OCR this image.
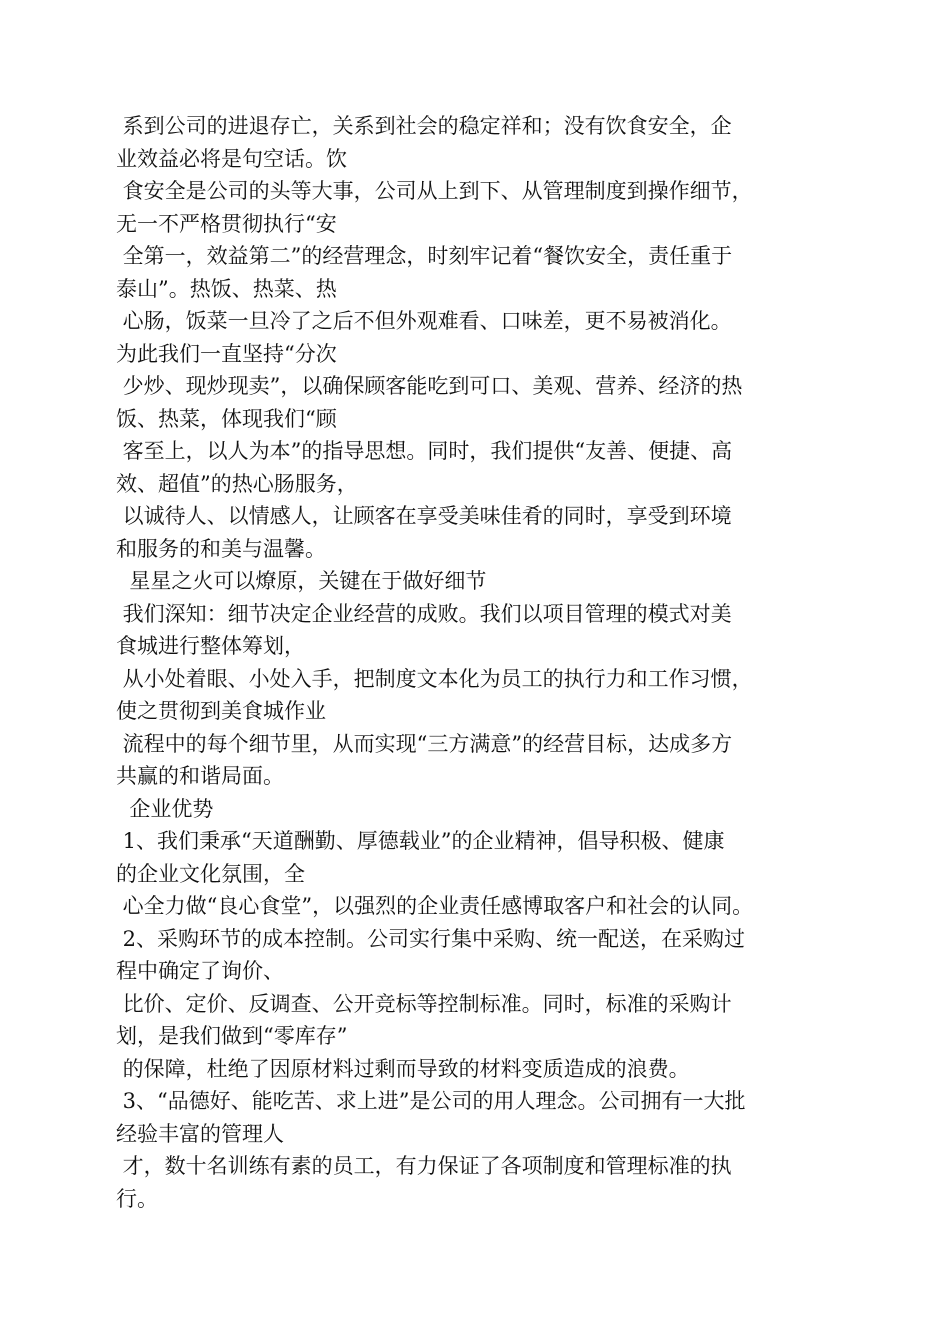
系到公司的进退存亡，关系到社会的稳定祥和；没有饮食安全，企
业效益必将是句空话。饮
食安全是公司的头等大事，公司从上到下、从管理制度到操作细节，
无一不严格贯彻执行“安
全第一，效益第二”的经营理念，时刻牢记着“餐饮安全，责任重于
泰山”。热饭、热菜、热
心肠，饭菜一旦冷了之后不但外观难看、口味差，更不易被消化。
为此我们一直坚持“分次
少炒、现炒现卖”，以确保顾客能吃到可口、美观、营养、经济的热
饭、热菜，体现我们“顾
客至上，以人为本”的指导思想。同时，我们提供“友善、便捷、高
效、超值”的热心肠服务，
以诚待人、以情感人，让顾客在享受美味佳肴的同时，享受到环境
和服务的和美与温馨。
星星之火可以燎原，关键在于做好细节
我们深知：细节决定企业经营的成败。我们以项目管理的模式对美
食城进行整体筹划，
从小处着眼、小处入手，把制度文本化为员工的执行力和工作习惯，
使之贯彻到美食城作业
流程中的每个细节里，从而实现“三方满意”的经营目标，达成多方
共赢的和谐局面。
企业优势
1、我们秉承“天道酬勤、厚德载业”的企业精神，倡导积极、健康
的企业文化氛围，全
心全力做“良心食堂”，以强烈的企业责任感博取客户和社会的认同。
2、采购环节的成本控制。公司实行集中采购、统一配送，在采购过
程中确定了询价、
比价、定价、反调查、公开竞标等控制标准。同时，标准的采购计
划，是我们做到“零库存”
的保障，杜绝了因原材料过剩而导致的材料变质造成的浪费。
3、“品德好、能吃苦、求上进”是公司的用人理念。公司拥有一大批
经验丰富的管理人
才，数十名训练有素的员工，有力保证了各项制度和管理标准的执
行。
